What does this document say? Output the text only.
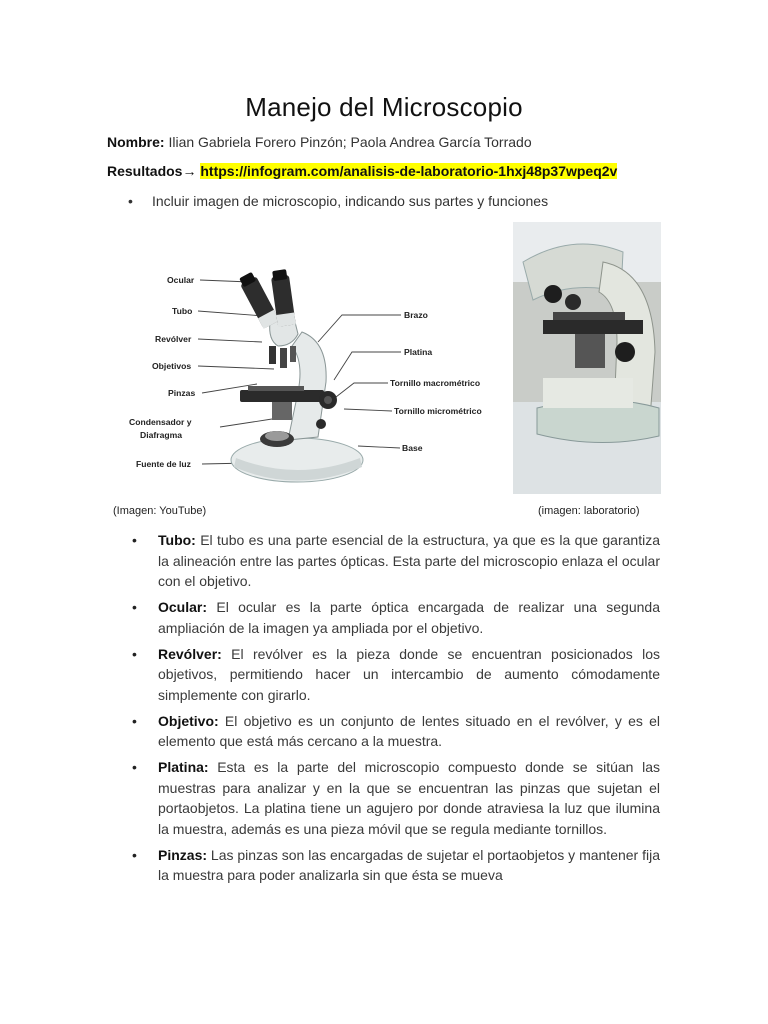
Manejo del Microscopio
Nombre: Ilian Gabriela Forero Pinzón; Paola Andrea García Torrado
Resultados→ https://infogram.com/analisis-de-laboratorio-1hxj48p37wpeq2v
• Incluir imagen de microscopio, indicando sus partes y funciones
Ocular
Tubo
Revólver
Objetivos
Pinzas
Condensador y
Diafragma
Fuente de luz
Brazo
Platina
Tornillo macrométrico
Tornillo micrométrico
Base
(Imagen: YouTube)	(imagen: laboratorio)
• Tubo: El tubo es una parte esencial de la estructura, ya que es la que garantiza la alineación entre las partes ópticas. Esta parte del microscopio enlaza el ocular con el objetivo.
• Ocular: El ocular es la parte óptica encargada de realizar una segunda ampliación de la imagen ya ampliada por el objetivo.
• Revólver: El revólver es la pieza donde se encuentran posicionados los objetivos, permitiendo hacer un intercambio de aumento cómodamente simplemente con girarlo.
• Objetivo: El objetivo es un conjunto de lentes situado en el revólver, y es el elemento que está más cercano a la muestra.
• Platina: Esta es la parte del microscopio compuesto donde se sitúan las muestras para analizar y en la que se encuentran las pinzas que sujetan el portaobjetos. La platina tiene un agujero por donde atraviesa la luz que ilumina la muestra, además es una pieza móvil que se regula mediante tornillos.
• Pinzas: Las pinzas son las encargadas de sujetar el portaobjetos y mantener fija la muestra para poder analizarla sin que ésta se mueva
